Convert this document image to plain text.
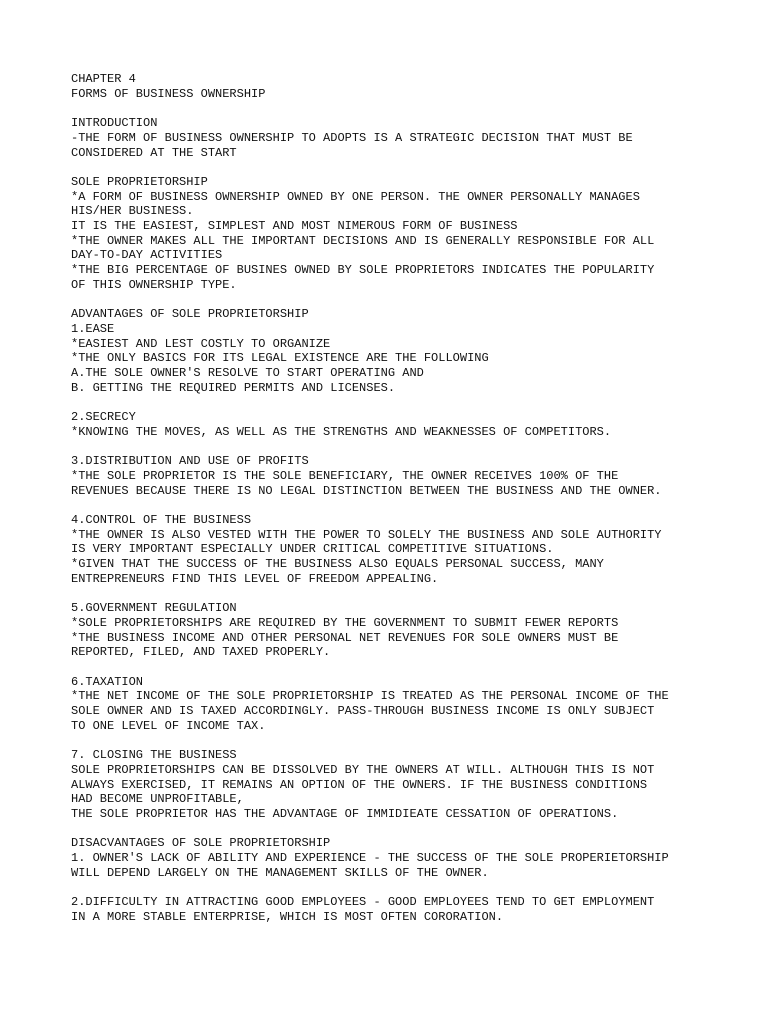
CHAPTER 4
FORMS OF BUSINESS OWNERSHIP
INTRODUCTION
-THE FORM OF BUSINESS OWNERSHIP TO ADOPTS IS A STRATEGIC DECISION THAT MUST BE
CONSIDERED AT THE START
SOLE PROPRIETORSHIP
*A FORM OF BUSINESS OWNERSHIP OWNED BY ONE PERSON. THE OWNER PERSONALLY MANAGES
HIS/HER BUSINESS.
IT IS THE EASIEST, SIMPLEST AND MOST NIMEROUS FORM OF BUSINESS
*THE OWNER MAKES ALL THE IMPORTANT DECISIONS AND IS GENERALLY RESPONSIBLE FOR ALL
DAY-TO-DAY ACTIVITIES
*THE BIG PERCENTAGE OF BUSINES OWNED BY SOLE PROPRIETORS INDICATES THE POPULARITY
OF THIS OWNERSHIP TYPE.
ADVANTAGES OF SOLE PROPRIETORSHIP
1.EASE
*EASIEST AND LEST COSTLY TO ORGANIZE
*THE ONLY BASICS FOR ITS LEGAL EXISTENCE ARE THE FOLLOWING
A.THE SOLE OWNER'S RESOLVE TO START OPERATING AND
B. GETTING THE REQUIRED PERMITS AND LICENSES.
2.SECRECY
*KNOWING THE MOVES, AS WELL AS THE STRENGTHS AND WEAKNESSES OF COMPETITORS.
3.DISTRIBUTION AND USE OF PROFITS
*THE SOLE PROPRIETOR IS THE SOLE BENEFICIARY, THE OWNER RECEIVES 100% OF THE
REVENUES BECAUSE THERE IS NO LEGAL DISTINCTION BETWEEN THE BUSINESS AND THE OWNER.
4.CONTROL OF THE BUSINESS
*THE OWNER IS ALSO VESTED WITH THE POWER TO SOLELY THE BUSINESS AND SOLE AUTHORITY
IS VERY IMPORTANT ESPECIALLY UNDER CRITICAL COMPETITIVE SITUATIONS.
*GIVEN THAT THE SUCCESS OF THE BUSINESS ALSO EQUALS PERSONAL SUCCESS, MANY
ENTREPRENEURS FIND THIS LEVEL OF FREEDOM APPEALING.
5.GOVERNMENT REGULATION
*SOLE PROPRIETORSHIPS ARE REQUIRED BY THE GOVERNMENT TO SUBMIT FEWER REPORTS
*THE BUSINESS INCOME AND OTHER PERSONAL NET REVENUES FOR SOLE OWNERS MUST BE
REPORTED, FILED, AND TAXED PROPERLY.
6.TAXATION
*THE NET INCOME OF THE SOLE PROPRIETORSHIP IS TREATED AS THE PERSONAL INCOME OF THE
SOLE OWNER AND IS TAXED ACCORDINGLY. PASS-THROUGH BUSINESS INCOME IS ONLY SUBJECT
TO ONE LEVEL OF INCOME TAX.
7. CLOSING THE BUSINESS
SOLE PROPRIETORSHIPS CAN BE DISSOLVED BY THE OWNERS AT WILL. ALTHOUGH THIS IS NOT
ALWAYS EXERCISED, IT REMAINS AN OPTION OF THE OWNERS. IF THE BUSINESS CONDITIONS
HAD BECOME UNPROFITABLE,
THE SOLE PROPRIETOR HAS THE ADVANTAGE OF IMMIDIEATE CESSATION OF OPERATIONS.
DISACVANTAGES OF SOLE PROPRIETORSHIP
1. OWNER'S LACK OF ABILITY AND EXPERIENCE - THE SUCCESS OF THE SOLE PROPERIETORSHIP
WILL DEPEND LARGELY ON THE MANAGEMENT SKILLS OF THE OWNER.
2.DIFFICULTY IN ATTRACTING GOOD EMPLOYEES - GOOD EMPLOYEES TEND TO GET EMPLOYMENT
IN A MORE STABLE ENTERPRISE, WHICH IS MOST OFTEN CORORATION.
